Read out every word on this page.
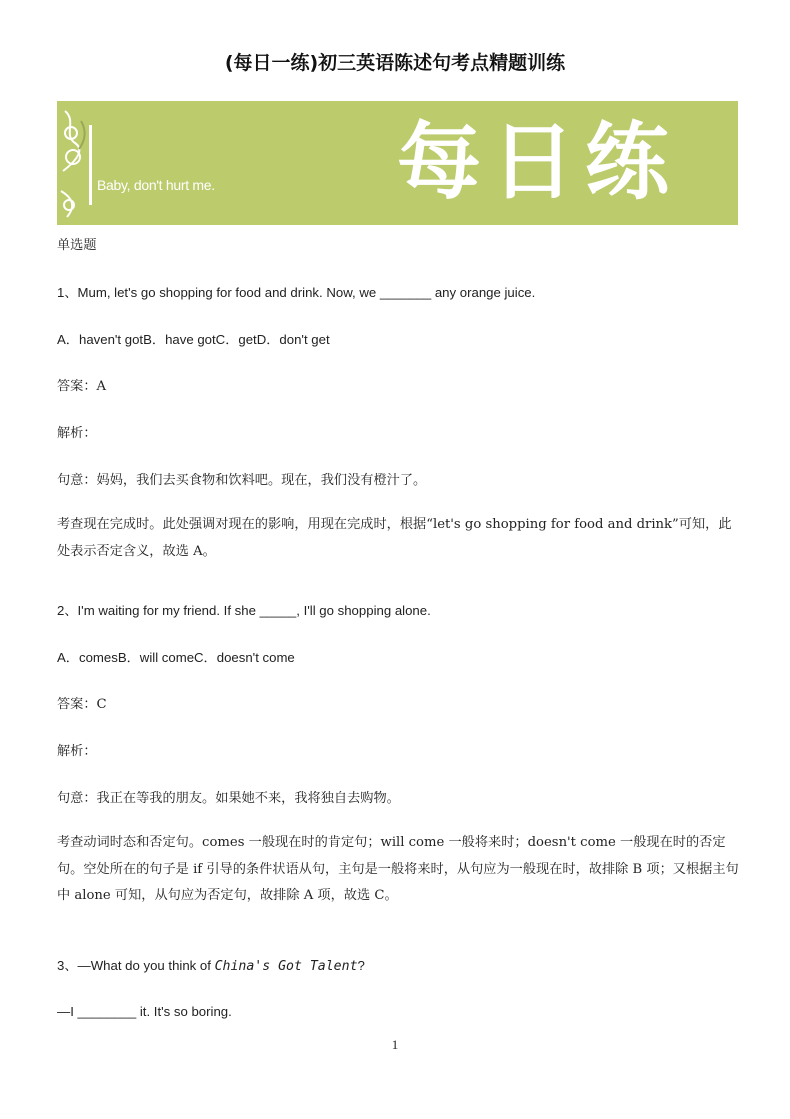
(每日一练)初三英语陈述句考点精题训练
Baby, don't hurt me. 每日练习
单选题
1、Mum, let's go shopping for food and drink. Now, we _______ any orange juice.
A．haven't gotB．have gotC．getD．don't get
答案：A
解析：
句意：妈妈，我们去买食物和饮料吧。现在，我们没有橙汁了。
考查现在完成时。此处强调对现在的影响，用现在完成时，根据“let's go shopping for food and drink”可知，此处表示否定含义，故选 A。
2、I'm waiting for my friend. If she _____, I'll go shopping alone.
A．comesB．will comeC．doesn't come
答案：C
解析：
句意：我正在等我的朋友。如果她不来，我将独自去购物。
考查动词时态和否定句。comes 一般现在时的肯定句；will come 一般将来时；doesn't come 一般现在时的否定句。空处所在的句子是 if 引导的条件状语从句，主句是一般将来时，从句应为一般现在时，故排除 B 项；又根据主句中 alone 可知，从句应为否定句，故排除 A 项，故选 C。
3、—What do you think of China's Got Talent?
—I ________ it. It's so boring.
1
